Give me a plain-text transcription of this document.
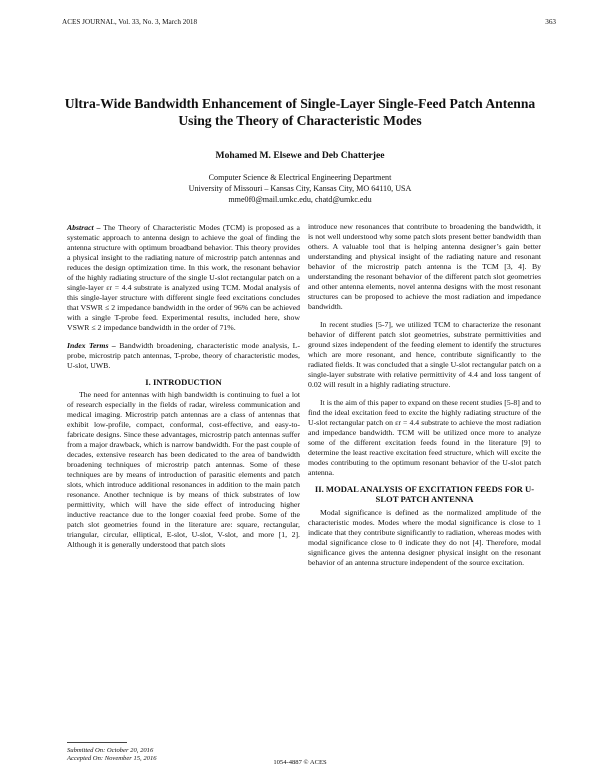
ACES JOURNAL, Vol. 33, No. 3, March 2018	363
Ultra-Wide Bandwidth Enhancement of Single-Layer Single-Feed Patch Antenna Using the Theory of Characteristic Modes
Mohamed M. Elsewe and Deb Chatterjee
Computer Science & Electrical Engineering Department
University of Missouri – Kansas City, Kansas City, MO 64110, USA
mme0f0@mail.umkc.edu, chatd@umkc.edu

Abstract – The Theory of Characteristic Modes (TCM) is proposed as a systematic approach to antenna design to achieve the goal of finding the antenna structure with optimum broadband behavior. This theory provides a physical insight to the radiating nature of microstrip patch antennas and reduces the design optimization time. In this work, the resonant behavior of the highly radiating structure of the single U-slot rectangular patch on a single-layer εr = 4.4 substrate is analyzed using TCM. Modal analysis of this single-layer structure with different single feed excitations concludes that VSWR ≤ 2 impedance bandwidth in the order of 96% can be achieved with a single T-probe feed. Experimental results, included here, show VSWR ≤ 2 impedance bandwidth in the order of 71%.

Index Terms – Bandwidth broadening, characteristic mode analysis, L-probe, microstrip patch antennas, T-probe, theory of characteristic modes, U-slot, UWB.

I. INTRODUCTION

The need for antennas with high bandwidth is continuing to fuel a lot of research especially in the fields of radar, wireless communication and medical imaging. Microstrip patch antennas are a class of antennas that exhibit low-profile, compact, conformal, cost-effective, and easy-to-fabricate designs. Since these advantages, microstrip patch antennas suffer from a major drawback, which is narrow bandwidth. For the past couple of decades, extensive research has been dedicated to the area of bandwidth broadening techniques of microstrip patch antennas. Some of these techniques are by means of introduction of parasitic elements and patch slots, which introduce additional resonances in addition to the main patch resonance. Another technique is by means of thick substrates of low permittivity, which will have the side effect of introducing higher inductive reactance due to the longer coaxial feed probe. Some of the patch slot geometries found in the literature are: square, rectangular, triangular, circular, elliptical, E-slot, U-slot, V-slot, and more [1, 2]. Although it is generally understood that patch slots

introduce new resonances that contribute to broadening the bandwidth, it is not well understood why some patch slots present better bandwidth than others. A valuable tool that is helping antenna designer’s gain better understanding and physical insight of the radiating nature and resonant behavior of the microstrip patch antenna is the TCM [3, 4]. By understanding the resonant behavior of the different patch slot geometries and other antenna elements, novel antenna designs with the most resonant structures can be proposed to achieve the most radiation and impedance bandwidth.

In recent studies [5-7], we utilized TCM to characterize the resonant behavior of different patch slot geometries, substrate permittivities and ground sizes independent of the feeding element to identify the structures which are more resonant, and hence, contribute significantly to the radiated fields. It was concluded that a single U-slot rectangular patch on a single-layer substrate with relative permittivity of 4.4 and loss tangent of 0.02 will result in a highly radiating structure.

It is the aim of this paper to expand on these recent studies [5-8] and to find the ideal excitation feed to excite the highly radiating structure of the U-slot rectangular patch on εr = 4.4 substrate to achieve the most radiation and impedance bandwidth. TCM will be utilized once more to analyze some of the different excitation feeds found in the literature [9] to determine the least reactive excitation feed structure, which will excite the modes contributing to the optimum resonant behavior of the U-slot patch antenna.

II. MODAL ANALYSIS OF EXCITATION FEEDS FOR U-SLOT PATCH ANTENNA

Modal significance is defined as the normalized amplitude of the characteristic modes. Modes where the modal significance is close to 1 indicate that they contribute significantly to radiation, whereas modes with modal significance close to 0 indicate they do not [4]. Therefore, modal significance gives the antenna designer physical insight on the resonant behavior of an antenna structure independent of the source excitation.

Submitted On: October 20, 2016
Accepted On: November 15, 2016
1054-4887 © ACES
